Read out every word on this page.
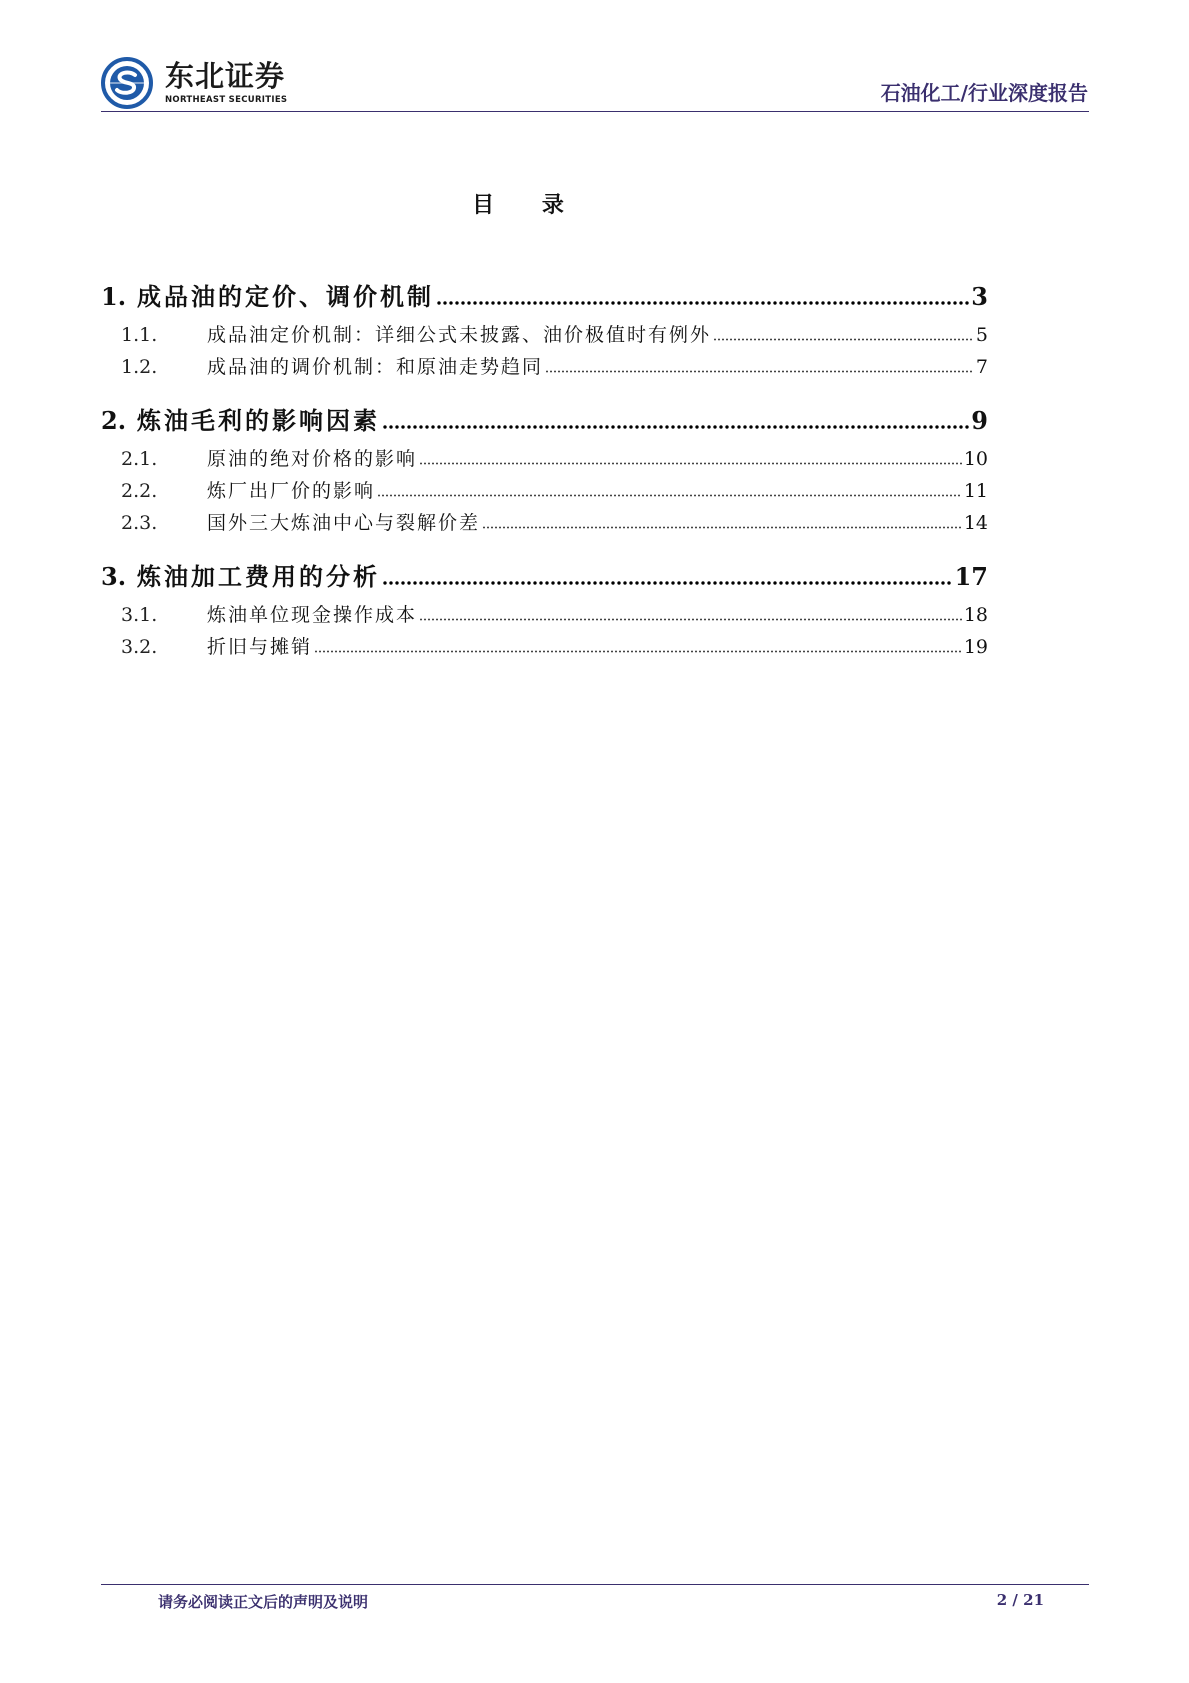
东北证券
NORTHEAST SECURITIES	石油化工/行业深度报告
目 录
1. 成品油的定价、调价机制	3
1.1.	成品油定价机制：详细公式未披露、油价极值时有例外	5
1.2.	成品油的调价机制：和原油走势趋同	7
2. 炼油毛利的影响因素	9
2.1.	原油的绝对价格的影响	10
2.2.	炼厂出厂价的影响	11
2.3.	国外三大炼油中心与裂解价差	14
3. 炼油加工费用的分析	17
3.1.	炼油单位现金操作成本	18
3.2.	折旧与摊销	19
请务必阅读正文后的声明及说明	2 / 21
